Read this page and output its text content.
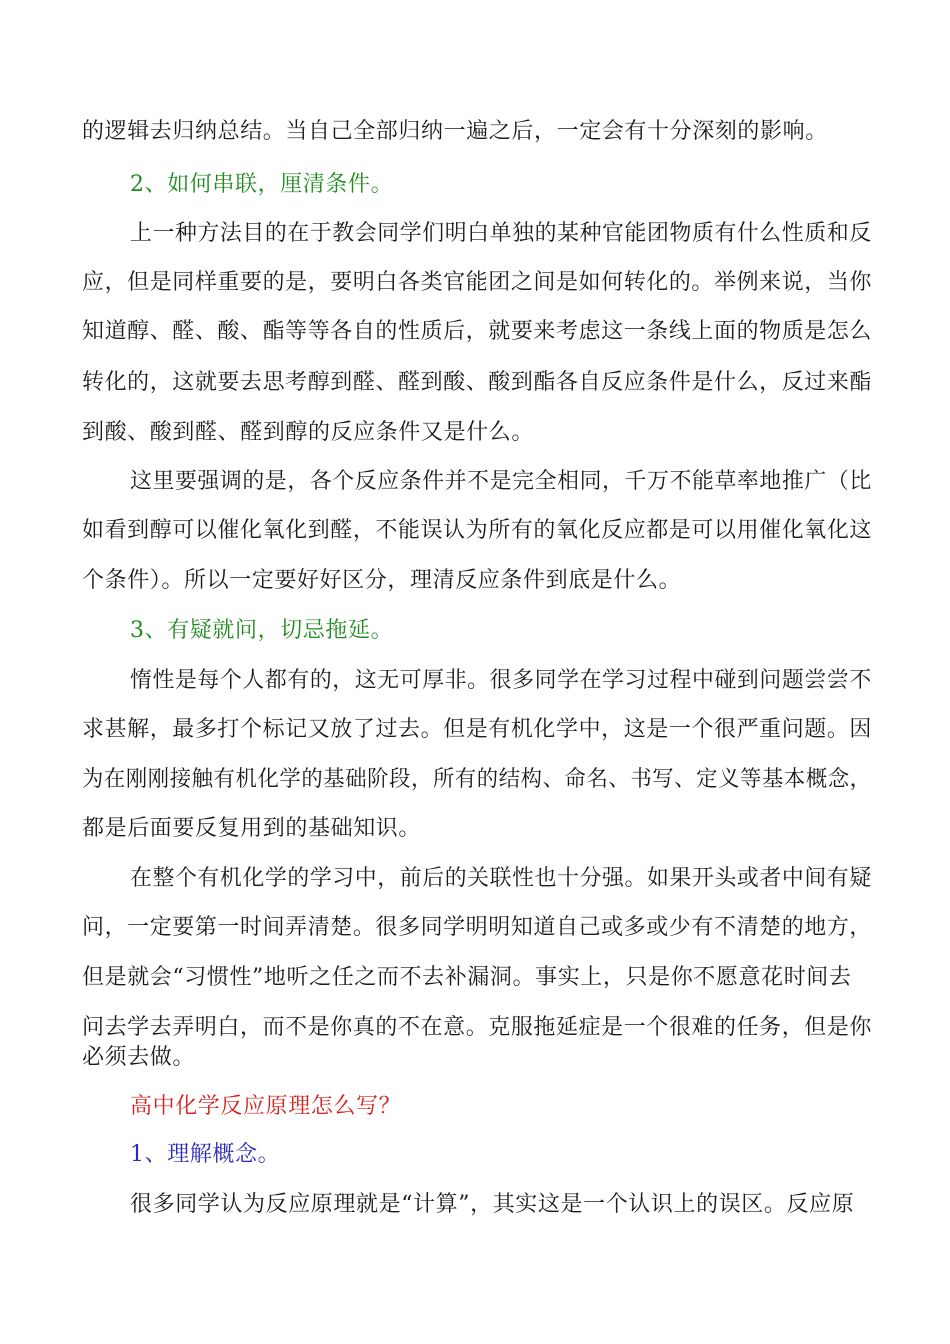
的逻辑去归纳总结。当自己全部归纳一遍之后，一定会有十分深刻的影响。
2、如何串联，厘清条件。
上一种方法目的在于教会同学们明白单独的某种官能团物质有什么性质和反
应，但是同样重要的是，要明白各类官能团之间是如何转化的。举例来说，当你
知道醇、醛、酸、酯等等各自的性质后，就要来考虑这一条线上面的物质是怎么
转化的，这就要去思考醇到醛、醛到酸、酸到酯各自反应条件是什么，反过来酯
到酸、酸到醛、醛到醇的反应条件又是什么。
这里要强调的是，各个反应条件并不是完全相同，千万不能草率地推广（比
如看到醇可以催化氧化到醛，不能误认为所有的氧化反应都是可以用催化氧化这
个条件）。所以一定要好好区分，理清反应条件到底是什么。
3、有疑就问，切忌拖延。
惰性是每个人都有的，这无可厚非。很多同学在学习过程中碰到问题尝尝不
求甚解，最多打个标记又放了过去。但是有机化学中，这是一个很严重问题。因
为在刚刚接触有机化学的基础阶段，所有的结构、命名、书写、定义等基本概念，
都是后面要反复用到的基础知识。
在整个有机化学的学习中，前后的关联性也十分强。如果开头或者中间有疑
问，一定要第一时间弄清楚。很多同学明明知道自己或多或少有不清楚的地方，
但是就会“习惯性”地听之任之而不去补漏洞。事实上，只是你不愿意花时间去
问去学去弄明白，而不是你真的不在意。克服拖延症是一个很难的任务，但是你
必须去做。
高中化学反应原理怎么写？
1、理解概念。
很多同学认为反应原理就是“计算”，其实这是一个认识上的误区。反应原
